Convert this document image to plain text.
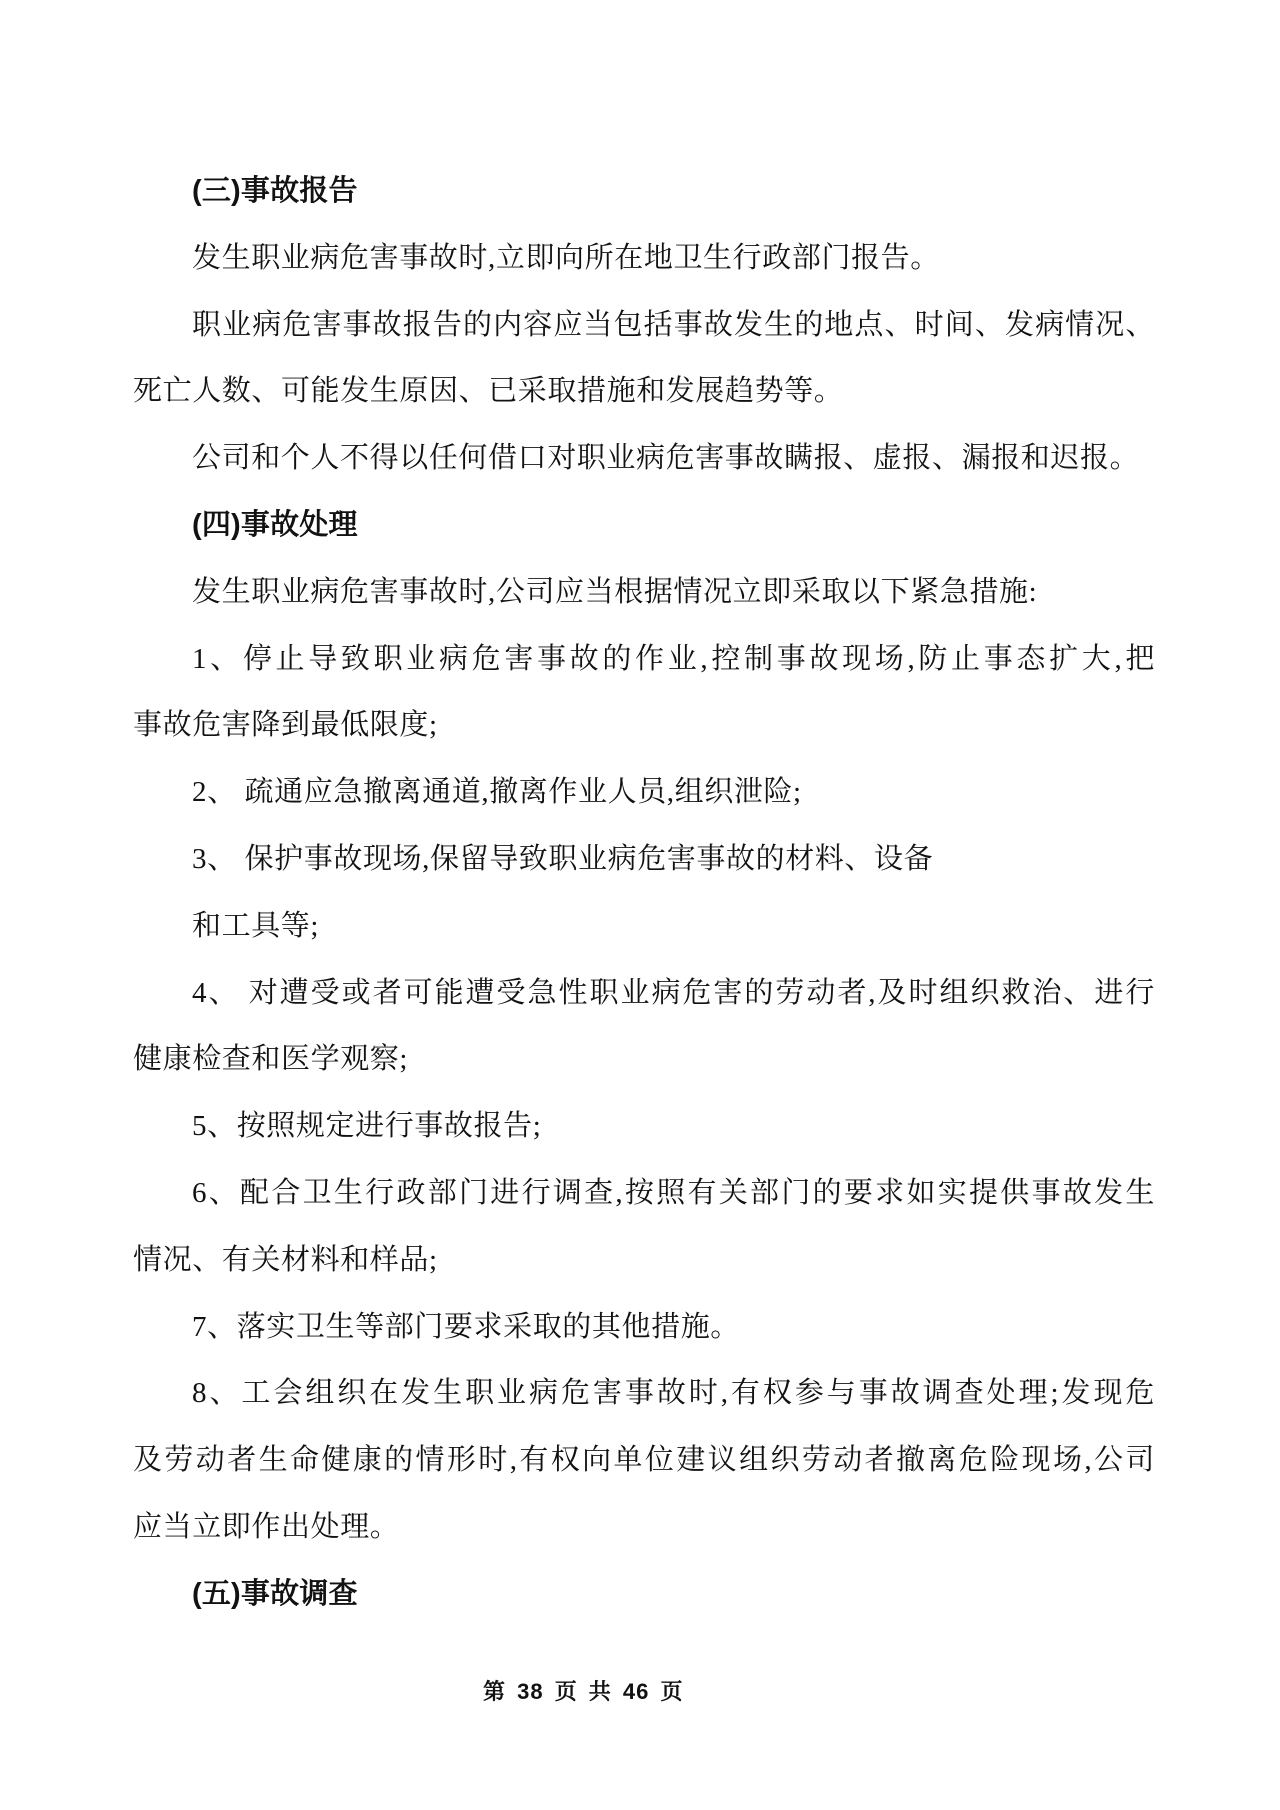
(三)事故报告
发生职业病危害事故时,立即向所在地卫生行政部门报告。
职业病危害事故报告的内容应当包括事故发生的地点、时间、发病情况、
死亡人数、可能发生原因、已采取措施和发展趋势等。
公司和个人不得以任何借口对职业病危害事故瞒报、虚报、漏报和迟报。
(四)事故处理
发生职业病危害事故时,公司应当根据情况立即采取以下紧急措施:
1、停止导致职业病危害事故的作业,控制事故现场,防止事态扩大,把
事故危害降到最低限度;
2、 疏通应急撤离通道,撤离作业人员,组织泄险;
3、 保护事故现场,保留导致职业病危害事故的材料、设备
和工具等;
4、 对遭受或者可能遭受急性职业病危害的劳动者,及时组织救治、进行
健康检查和医学观察;
5、按照规定进行事故报告;
6、配合卫生行政部门进行调查,按照有关部门的要求如实提供事故发生
情况、有关材料和样品;
7、落实卫生等部门要求采取的其他措施。
8、工会组织在发生职业病危害事故时,有权参与事故调查处理;发现危
及劳动者生命健康的情形时,有权向单位建议组织劳动者撤离危险现场,公司
应当立即作出处理。
(五)事故调查
第 38 页 共 46 页
